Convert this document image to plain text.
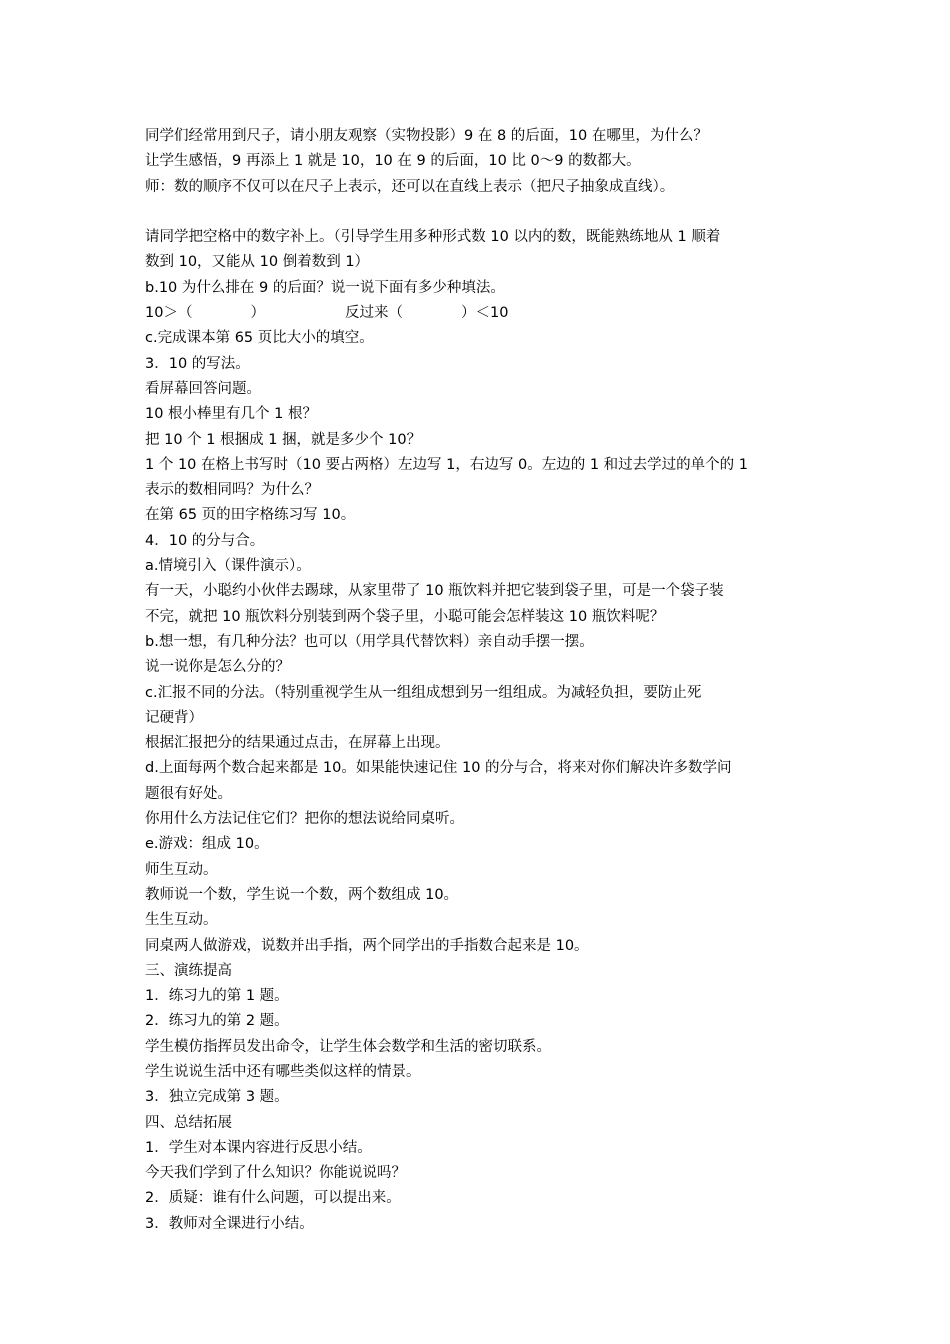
同学们经常用到尺子，请小朋友观察（实物投影）9 在 8 的后面，10 在哪里，为什么？
让学生感悟，9 再添上 1 就是 10，10 在 9 的后面，10 比 0～9 的数都大。
师：数的顺序不仅可以在尺子上表示，还可以在直线上表示（把尺子抽象成直线）。
请同学把空格中的数字补上。（引导学生用多种形式数 10 以内的数，既能熟练地从 1 顺着
数到 10，又能从 10 倒着数到 1）
b.10 为什么排在 9 的后面？说一说下面有多少种填法。
10＞（　　　　）	反过来（　　　　）＜10
c.完成课本第 65 页比大小的填空。
3．10 的写法。
看屏幕回答问题。
10 根小棒里有几个 1 根？
把 10 个 1 根捆成 1 捆，就是多少个 10？
1 个 10 在格上书写时（10 要占两格）左边写 1，右边写 0。左边的 1 和过去学过的单个的 1
表示的数相同吗？为什么？
在第 65 页的田字格练习写 10。
4．10 的分与合。
a.情境引入（课件演示）。
有一天，小聪约小伙伴去踢球，从家里带了 10 瓶饮料并把它装到袋子里，可是一个袋子装
不完，就把 10 瓶饮料分别装到两个袋子里，小聪可能会怎样装这 10 瓶饮料呢？
b.想一想，有几种分法？也可以（用学具代替饮料）亲自动手摆一摆。
说一说你是怎么分的？
c.汇报不同的分法。（特别重视学生从一组组成想到另一组组成。为减轻负担，要防止死
记硬背）
根据汇报把分的结果通过点击，在屏幕上出现。
d.上面每两个数合起来都是 10。如果能快速记住 10 的分与合，将来对你们解决许多数学问
题很有好处。
你用什么方法记住它们？把你的想法说给同桌听。
e.游戏：组成 10。
师生互动。
教师说一个数，学生说一个数，两个数组成 10。
生生互动。
同桌两人做游戏，说数并出手指，两个同学出的手指数合起来是 10。
三、演练提高
1．练习九的第 1 题。
2．练习九的第 2 题。
学生模仿指挥员发出命令，让学生体会数学和生活的密切联系。
学生说说生活中还有哪些类似这样的情景。
3．独立完成第 3 题。
四、总结拓展
1．学生对本课内容进行反思小结。
今天我们学到了什么知识？你能说说吗？
2．质疑：谁有什么问题，可以提出来。
3．教师对全课进行小结。
